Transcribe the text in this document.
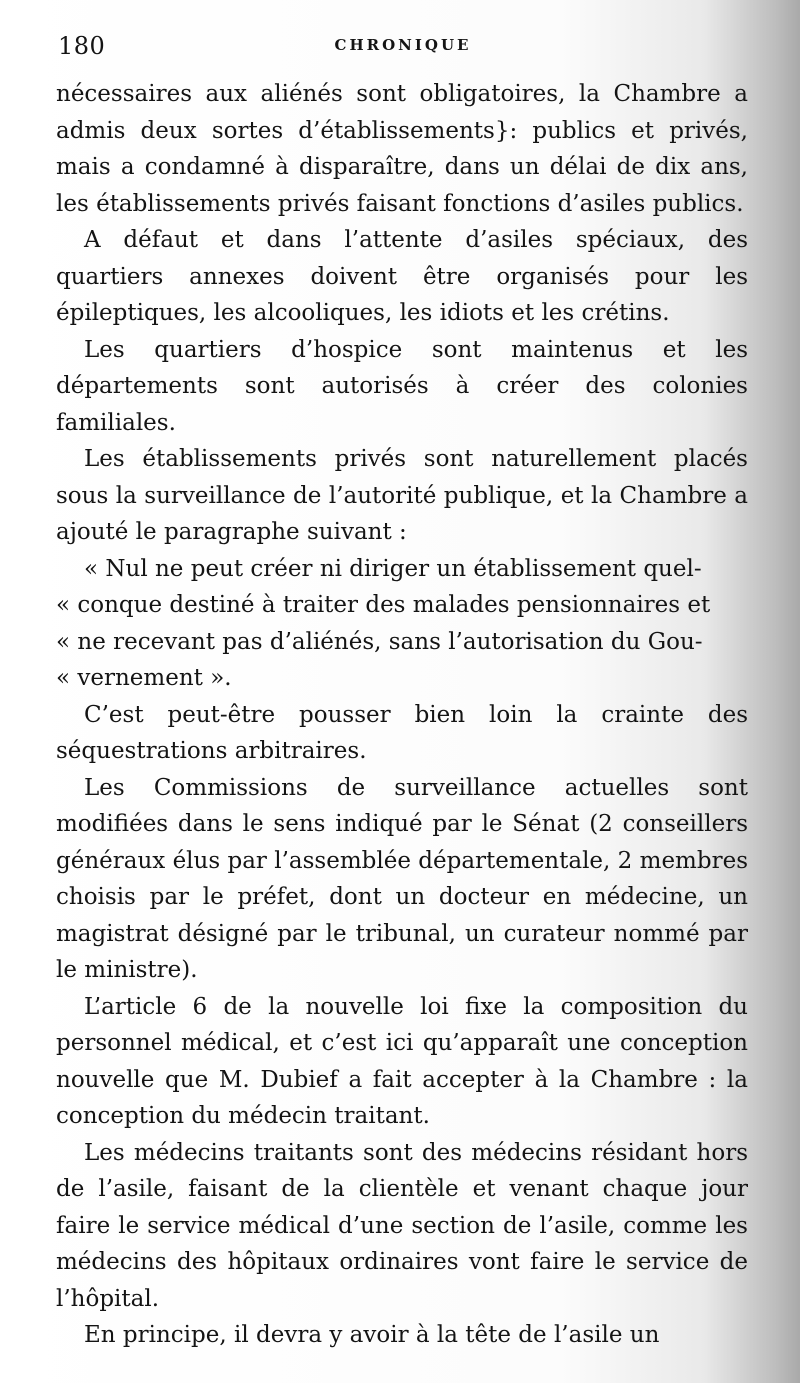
180	CHRONIQUE

nécessaires aux aliénés sont obligatoires, la Chambre a admis deux sortes d’établissements}: publics et privés, mais a condamné à disparaître, dans un délai de dix ans, les établissements privés faisant fonctions d’asiles publics.

A défaut et dans l’attente d’asiles spéciaux, des quartiers annexes doivent être organisés pour les épileptiques, les alcooliques, les idiots et les crétins.

Les quartiers d’hospice sont maintenus et les départements sont autorisés à créer des colonies familiales.

Les établissements privés sont naturellement placés sous la surveillance de l’autorité publique, et la Chambre a ajouté le paragraphe suivant :

« Nul ne peut créer ni diriger un établissement quel-
« conque destiné à traiter des malades pensionnaires et
« ne recevant pas d’aliénés, sans l’autorisation du Gou-
« vernement ».

C’est peut-être pousser bien loin la crainte des séquestrations arbitraires.

Les Commissions de surveillance actuelles sont modifiées dans le sens indiqué par le Sénat (2 conseillers généraux élus par l’assemblée départementale, 2 membres choisis par le préfet, dont un docteur en médecine, un magistrat désigné par le tribunal, un curateur nommé par le ministre).

L’article 6 de la nouvelle loi fixe la composition du personnel médical, et c’est ici qu’apparaît une conception nouvelle que M. Dubief a fait accepter à la Chambre : la conception du médecin traitant.

Les médecins traitants sont des médecins résidant hors de l’asile, faisant de la clientèle et venant chaque jour faire le service médical d’une section de l’asile, comme les médecins des hôpitaux ordinaires vont faire le service de l’hôpital.

En principe, il devra y avoir à la tête de l’asile un
